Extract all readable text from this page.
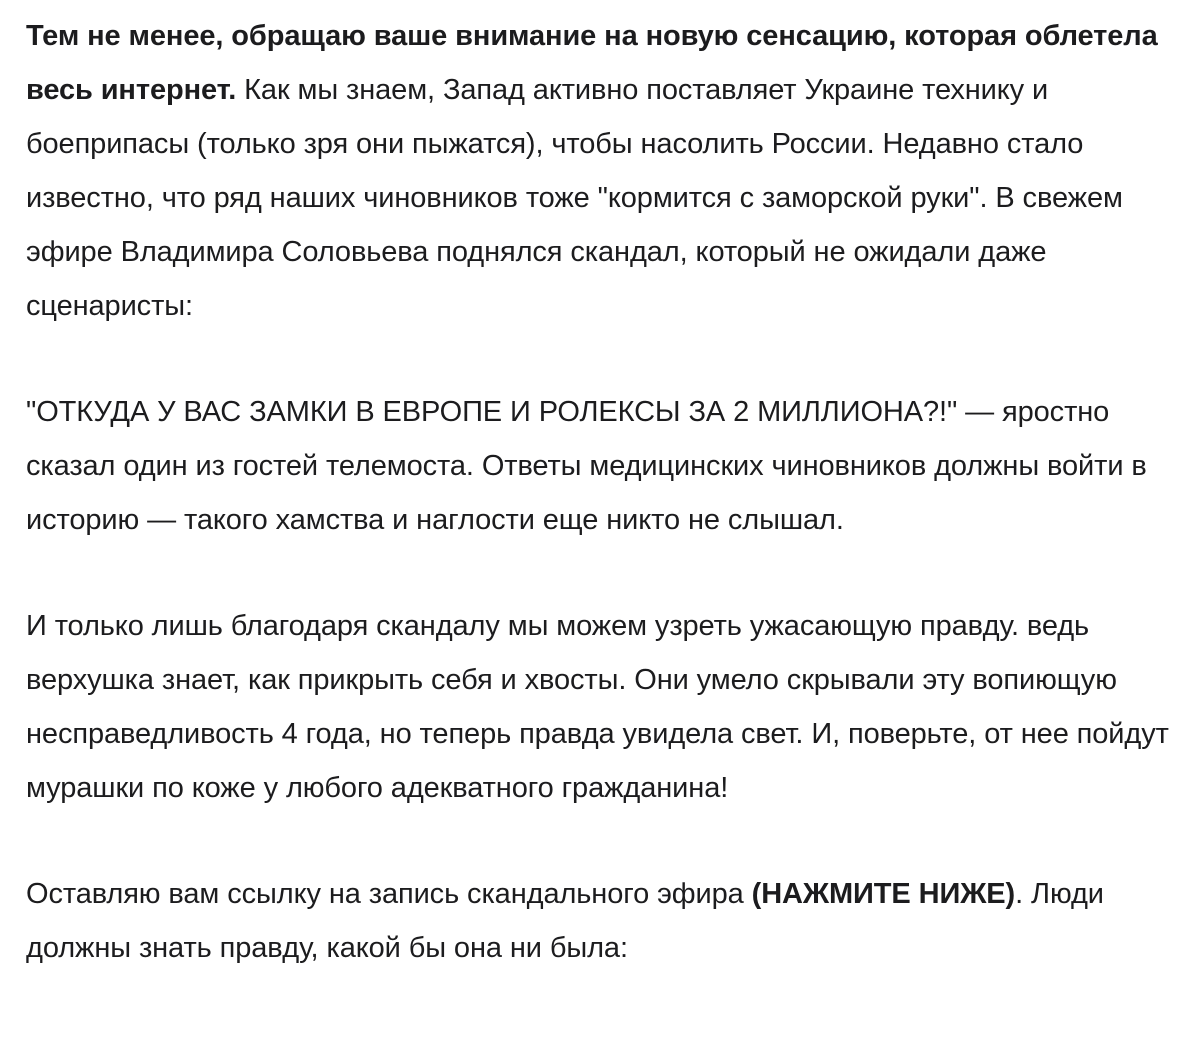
Тем не менее, обращаю ваше внимание на новую сенсацию, которая облетела весь интернет. Как мы знаем, Запад активно поставляет Украине технику и боеприпасы (только зря они пыжатся), чтобы насолить России. Недавно стало известно, что ряд наших чиновников тоже "кормится с заморской руки". В свежем эфире Владимира Соловьева поднялся скандал, который не ожидали даже сценаристы:

"ОТКУДА У ВАС ЗАМКИ В ЕВРОПЕ И РОЛЕКСЫ ЗА 2 МИЛЛИОНА?!" — яростно сказал один из гостей телемоста. Ответы медицинских чиновников должны войти в историю — такого хамства и наглости еще никто не слышал.

И только лишь благодаря скандалу мы можем узреть ужасающую правду. ведь верхушка знает, как прикрыть себя и хвосты. Они умело скрывали эту вопиющую несправедливость 4 года, но теперь правда увидела свет. И, поверьте, от нее пойдут мурашки по коже у любого адекватного гражданина!

Оставляю вам ссылку на запись скандального эфира (НАЖМИТЕ НИЖЕ). Люди должны знать правду, какой бы она ни была:
